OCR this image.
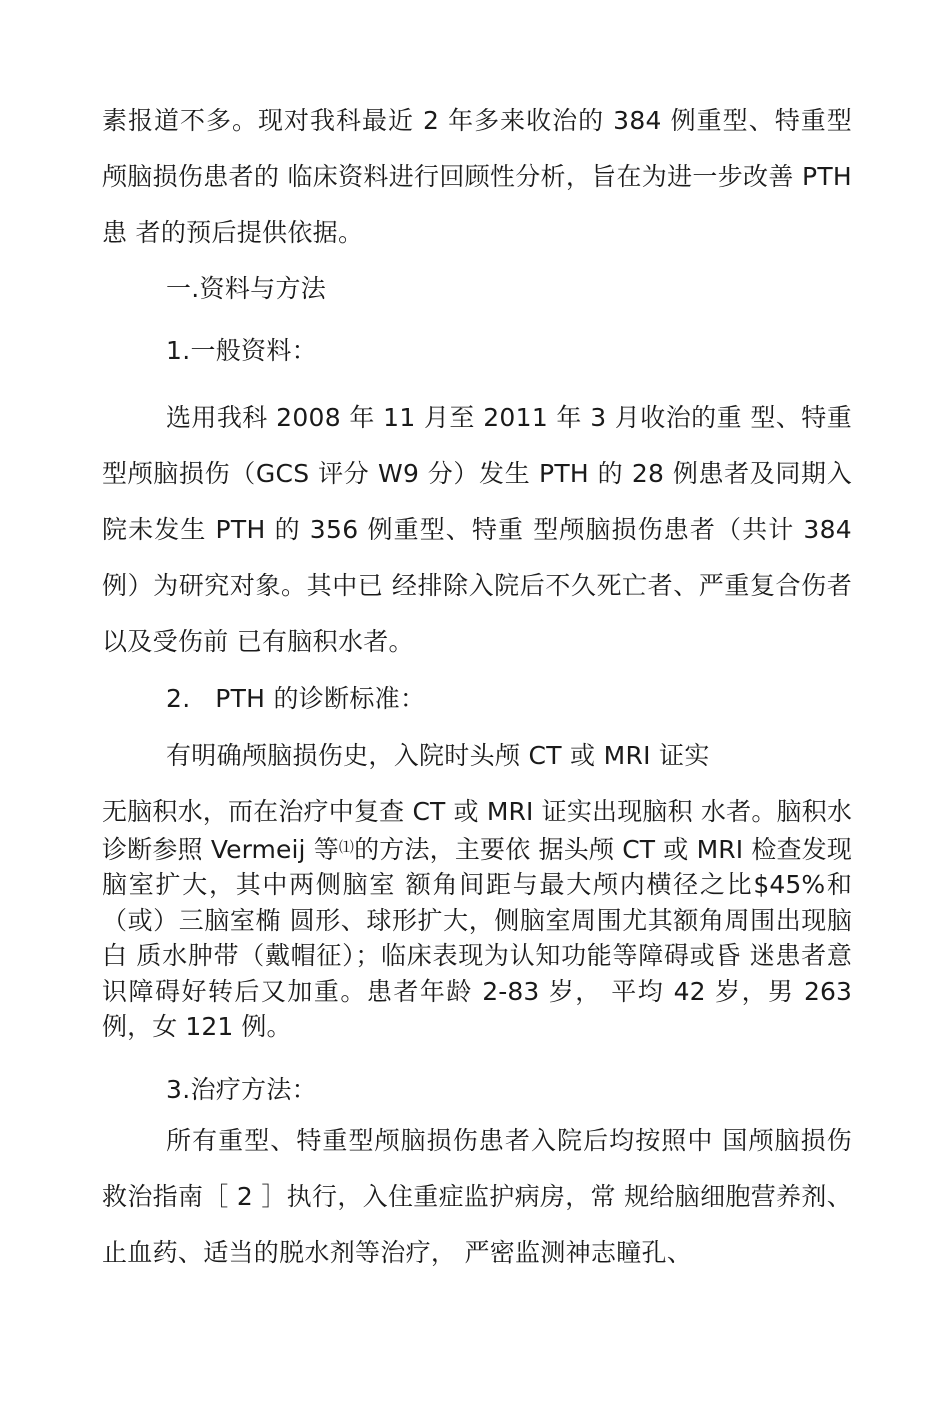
素报道不多。现对我科最近 2 年多来收治的 384 例重型、特重型颅脑损伤患者的 临床资料进行回顾性分析，旨在为进一步改善 PTH 患 者的预后提供依据。

一.资料与方法

1.一般资料：

选用我科 2008 年 11 月至 2011 年 3 月收治的重 型、特重型颅脑损伤（GCS 评分 W9 分）发生 PTH 的 28 例患者及同期入院未发生 PTH 的 356 例重型、特重 型颅脑损伤患者（共计 384 例）为研究对象。其中已 经排除入院后不久死亡者、严重复合伤者以及受伤前 已有脑积水者。

2.   PTH 的诊断标准：

有明确颅脑损伤史，入院时头颅 CT 或 MRI 证实

无脑积水，而在治疗中复查 CT 或 MRI 证实出现脑积 水者。脑积水诊断参照 Vermeij 等⑴的方法，主要依 据头颅 CT 或 MRI 检查发现脑室扩大，其中两侧脑室 额角间距与最大颅内横径之比$45%和（或）三脑室椭 圆形、球形扩大，侧脑室周围尤其额角周围出现脑白 质水肿带（戴帽征）；临床表现为认知功能等障碍或昏 迷患者意识障碍好转后又加重。患者年龄 2-83 岁， 平均 42 岁，男 263 例，女 121 例。

3.治疗方法：

所有重型、特重型颅脑损伤患者入院后均按照中 国颅脑损伤救治指南［ 2 ］执行，入住重症监护病房，常 规给脑细胞营养剂、止血药、适当的脱水剂等治疗， 严密监测神志瞳孔、
